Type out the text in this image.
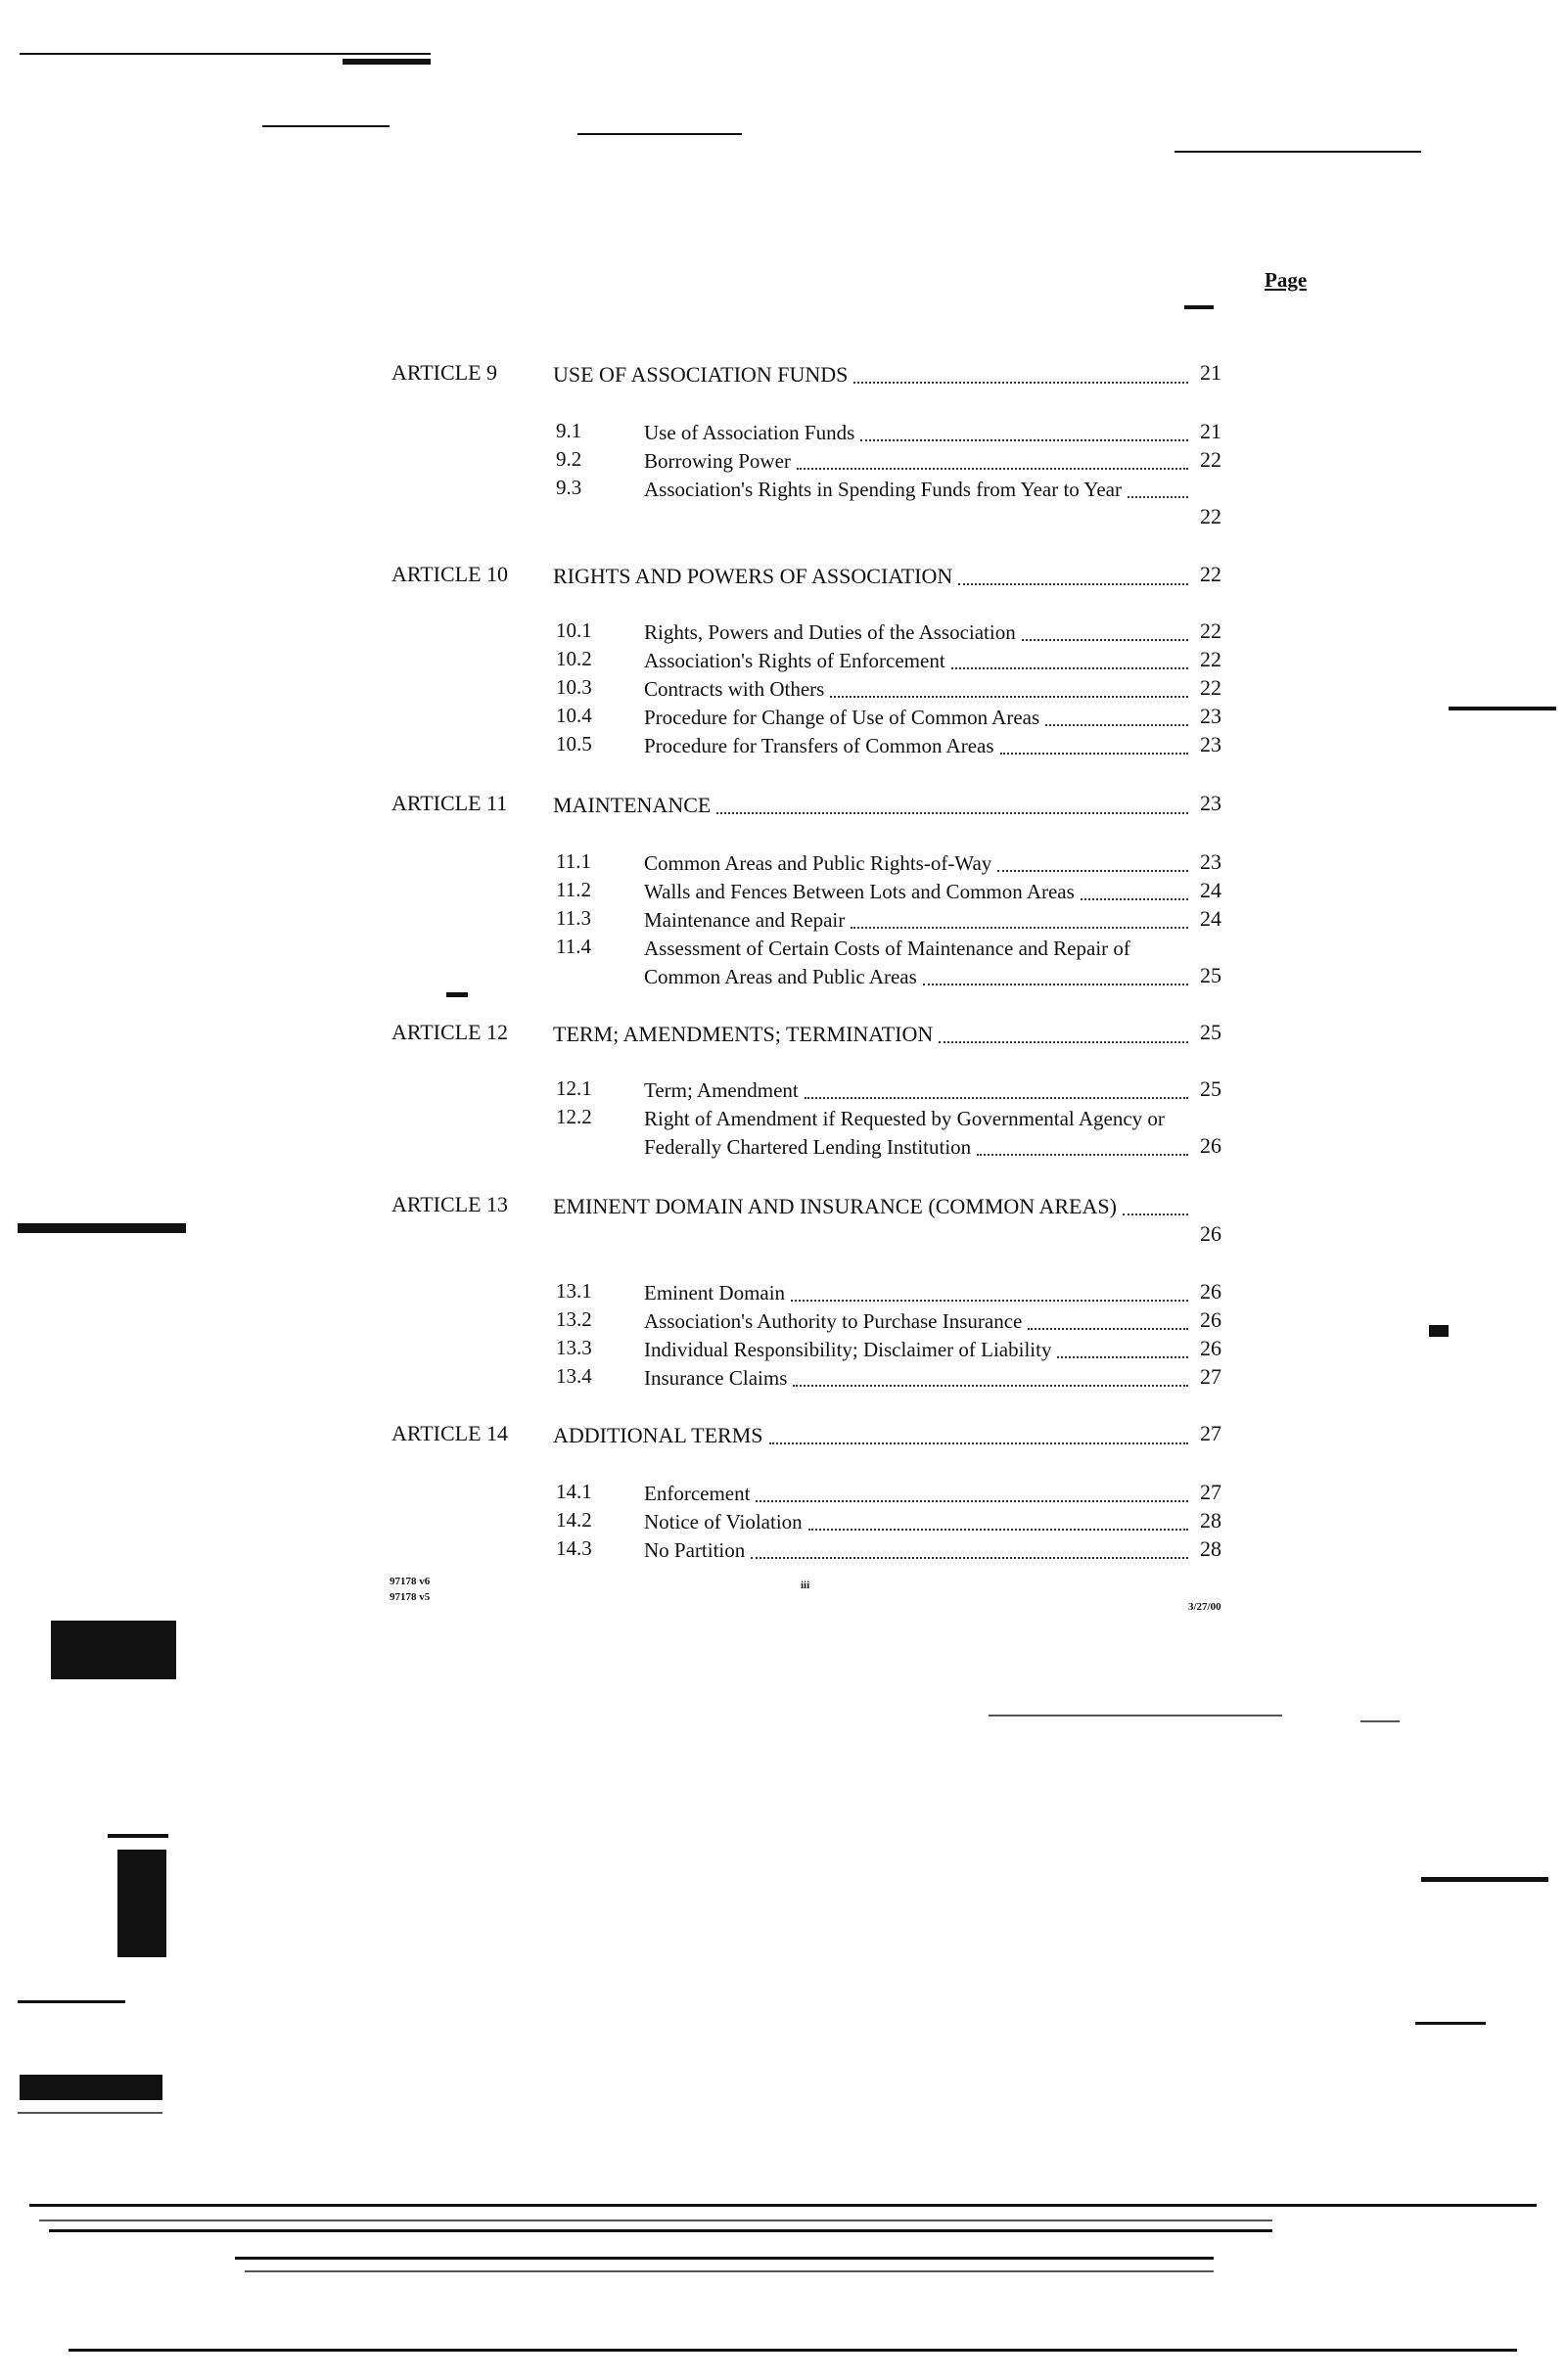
Page
ARTICLE 9	USE OF ASSOCIATION FUNDS	21
9.1	Use of Association Funds	21
9.2	Borrowing Power	22
9.3	Association's Rights in Spending Funds from Year to Year
22
ARTICLE 10 RIGHTS AND POWERS OF ASSOCIATION	22
10.1	Rights, Powers and Duties of the Association	22
10.2	Association's Rights of Enforcement	22
10.3	Contracts with Others	22
10.4	Procedure for Change of Use of Common Areas	23
10.5	Procedure for Transfers of Common Areas	23
ARTICLE 11 MAINTENANCE	23
11.1	Common Areas and Public Rights-of-Way	23
11.2	Walls and Fences Between Lots and Common Areas	24
11.3	Maintenance and Repair	24
11.4	Assessment of Certain Costs of Maintenance and Repair of Common Areas and Public Areas	25
ARTICLE 12 TERM; AMENDMENTS; TERMINATION	25
12.1	Term; Amendment	25
12.2	Right of Amendment if Requested by Governmental Agency or Federally Chartered Lending Institution	26
ARTICLE 13 EMINENT DOMAIN AND INSURANCE (COMMON AREAS)
26
13.1	Eminent Domain	26
13.2	Association's Authority to Purchase Insurance	26
13.3	Individual Responsibility; Disclaimer of Liability	26
13.4	Insurance Claims	27
ARTICLE 14 ADDITIONAL TERMS	27
14.1	Enforcement	27
14.2	Notice of Violation	28
14.3	No Partition	28
97178 v6
97178 v5
iii
3/27/00
